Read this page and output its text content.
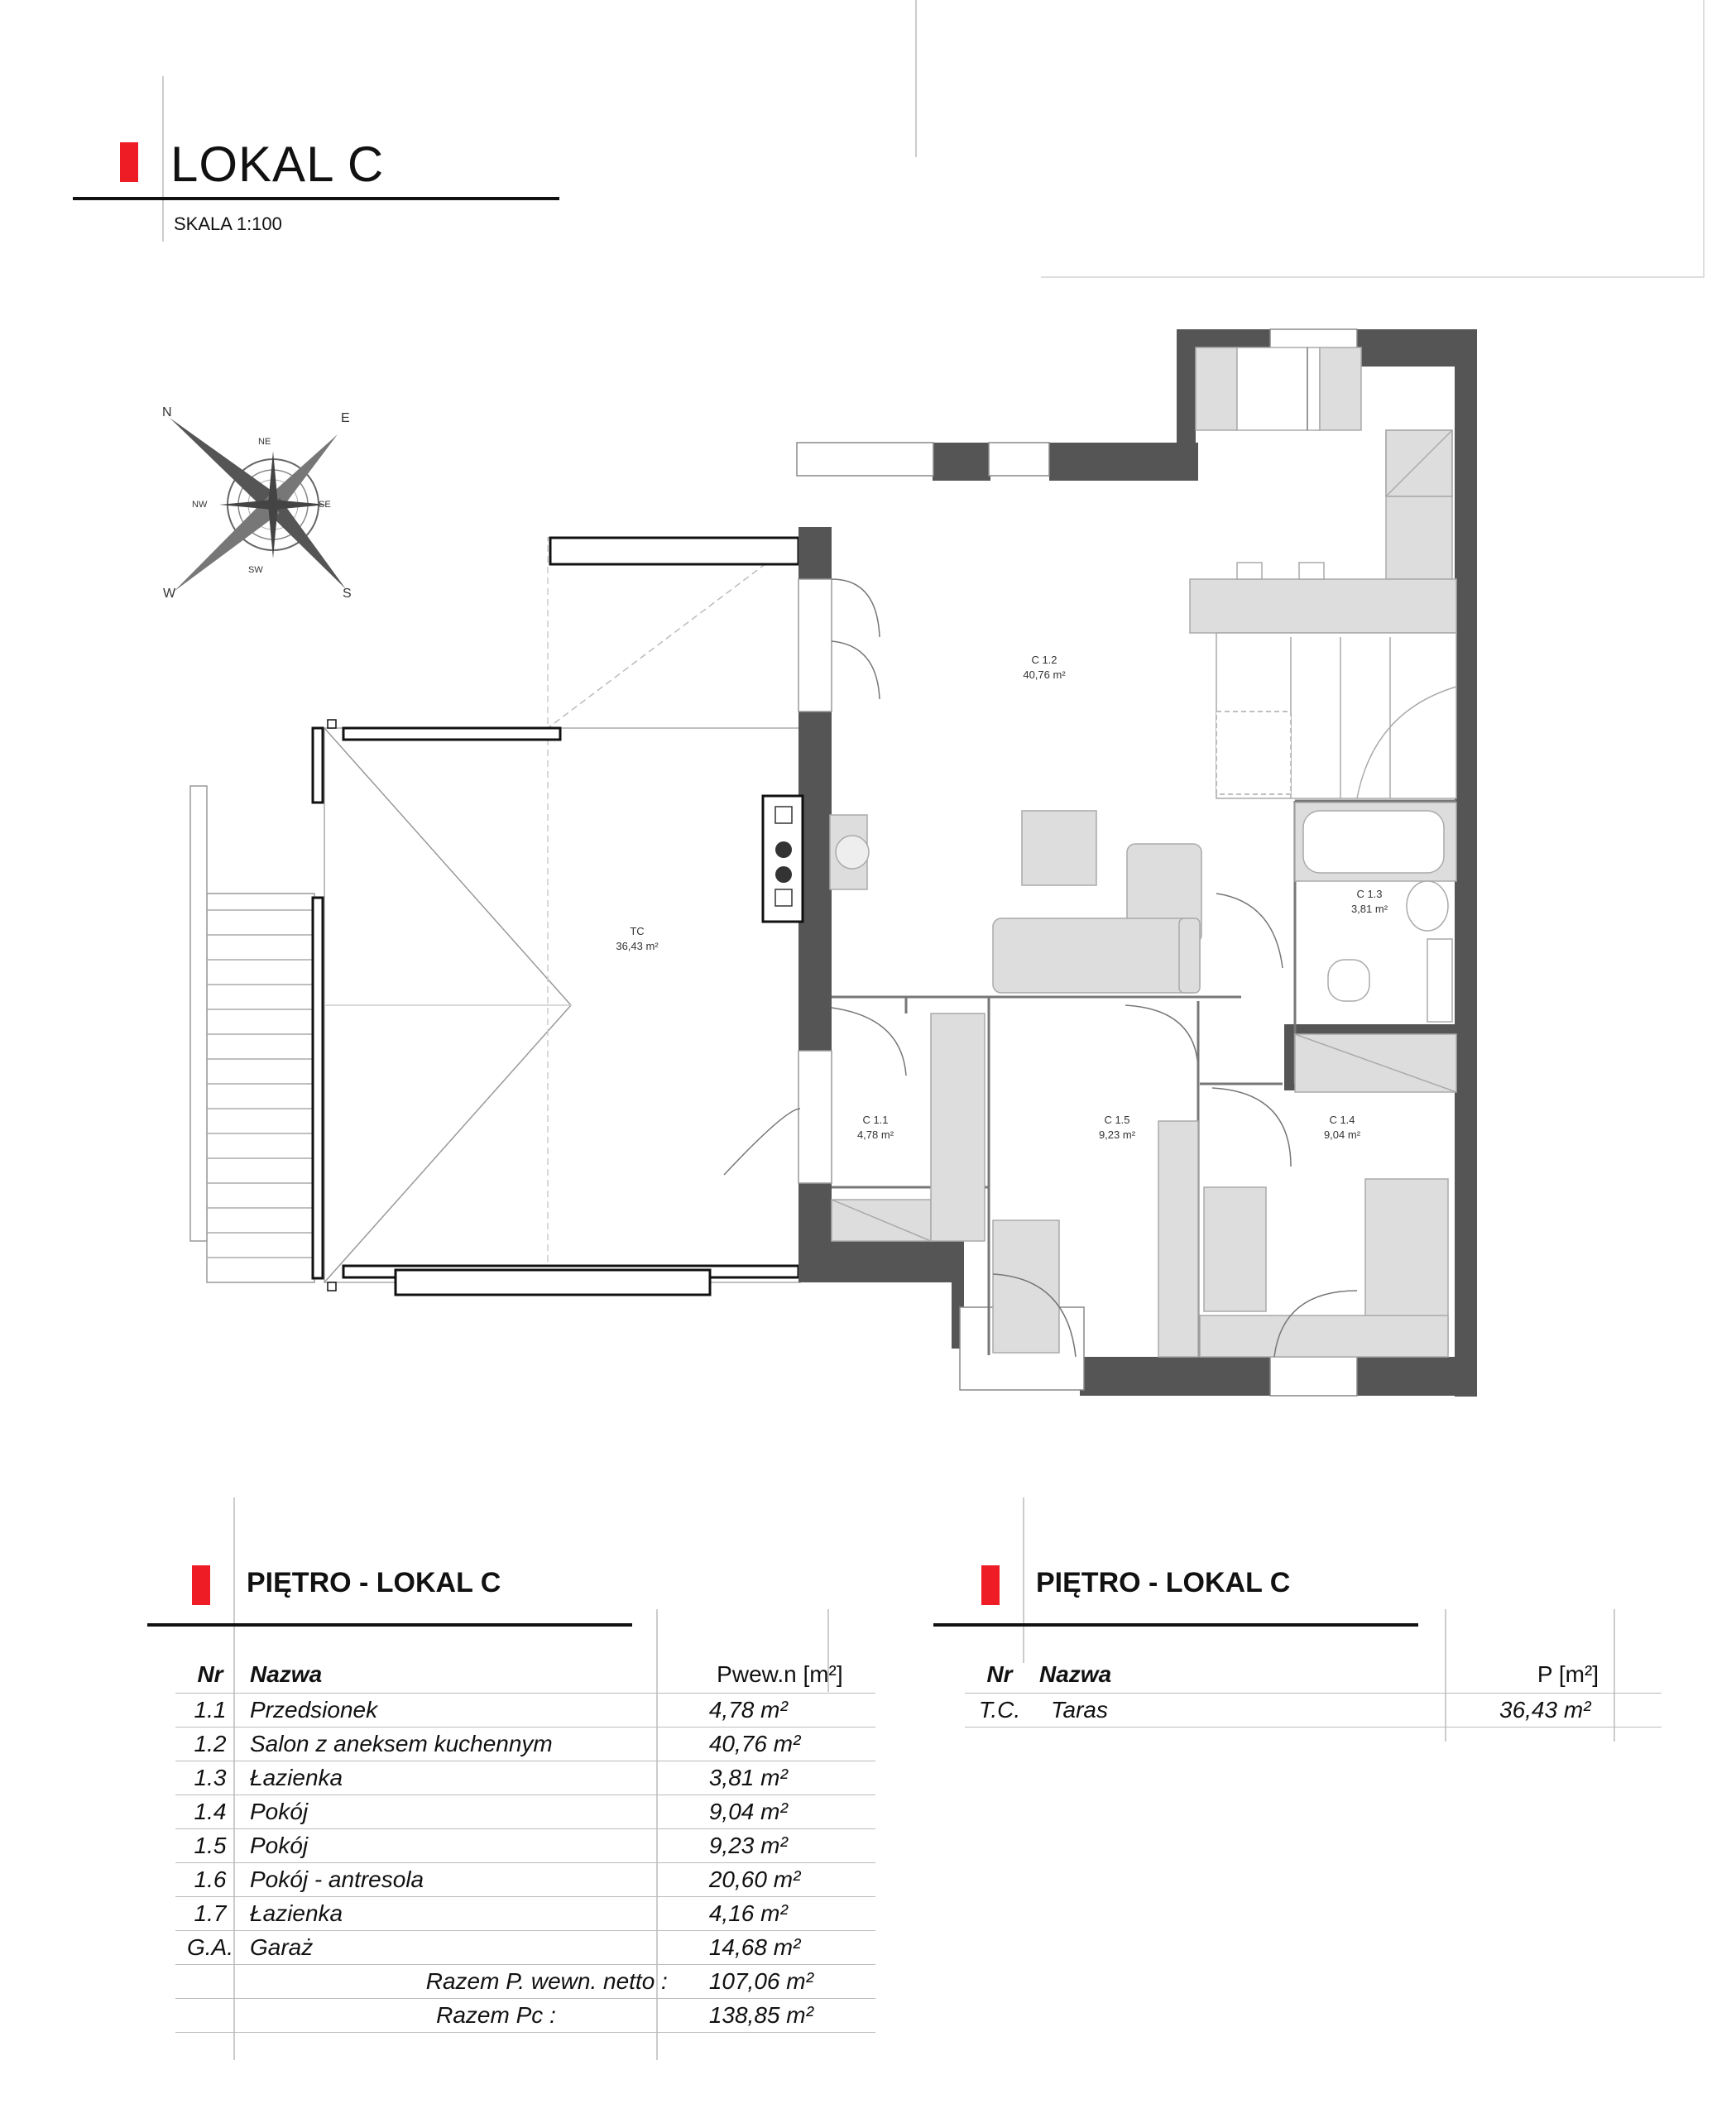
LOKAL C
SKALA 1:100
N	E
S
W
NE
SE
SW
NW
C 1.2
40,76 m²
TC
36,43 m²
C 1.3
3,81 m²
C 1.1
4,78 m²
C 1.5
9,23 m²
C 1.4
9,04 m²
PIĘTRO - LOKAL C
Nr	Nazwa	Pwew.n [m²]
1.1	Przedsionek	4,78 m²
1.2	Salon z aneksem kuchennym	40,76 m²
1.3	Łazienka	3,81 m²
1.4	Pokój	9,04 m²
1.5	Pokój	9,23 m²
1.6	Pokój - antresola	20,60 m²
1.7	Łazienka	4,16 m²
G.A.	Garaż	14,68 m²
Razem P. wewn. netto :		107,06 m²
Razem Pc :		138,85 m²
PIĘTRO - LOKAL C
Nr	Nazwa	P [m²]
T.C.	Taras	36,43 m²
